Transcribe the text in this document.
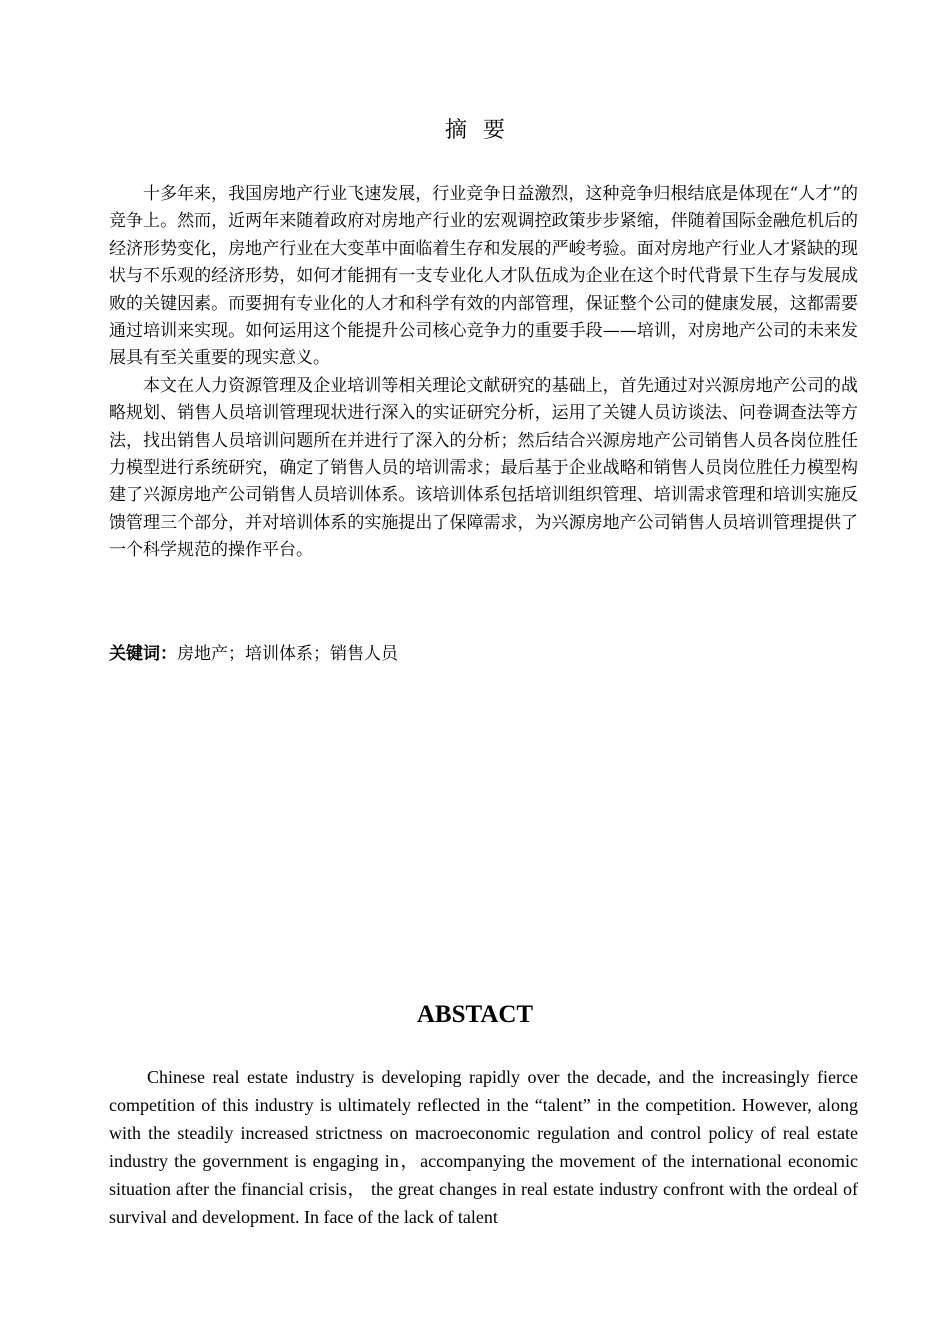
摘要

十多年来，我国房地产行业飞速发展，行业竞争日益激烈，这种竞争归根结底是体现在“人才”的竞争上。然而，近两年来随着政府对房地产行业的宏观调控政策步步紧缩，伴随着国际金融危机后的经济形势变化，房地产行业在大变革中面临着生存和发展的严峻考验。面对房地产行业人才紧缺的现状与不乐观的经济形势，如何才能拥有一支专业化人才队伍成为企业在这个时代背景下生存与发展成败的关键因素。而要拥有专业化的人才和科学有效的内部管理，保证整个公司的健康发展，这都需要通过培训来实现。如何运用这个能提升公司核心竞争力的重要手段——培训，对房地产公司的未来发展具有至关重要的现实意义。

本文在人力资源管理及企业培训等相关理论文献研究的基础上，首先通过对兴源房地产公司的战略规划、销售人员培训管理现状进行深入的实证研究分析，运用了关键人员访谈法、问卷调查法等方法，找出销售人员培训问题所在并进行了深入的分析；然后结合兴源房地产公司销售人员各岗位胜任力模型进行系统研究，确定了销售人员的培训需求；最后基于企业战略和销售人员岗位胜任力模型构建了兴源房地产公司销售人员培训体系。该培训体系包括培训组织管理、培训需求管理和培训实施反馈管理三个部分，并对培训体系的实施提出了保障需求，为兴源房地产公司销售人员培训管理提供了一个科学规范的操作平台。

关键词：房地产；培训体系；销售人员
ABSTACT

Chinese real estate industry is developing rapidly over the decade, and the increasingly fierce competition of this industry is ultimately reflected in the “talent” in the competition. However, along with the steadily increased strictness on macroeconomic regulation and control policy of real estate industry the government is engaging in，accompanying the movement of the international economic situation after the financial crisis， the great changes in real estate industry confront with the ordeal of survival and development. In face of the lack of talent
